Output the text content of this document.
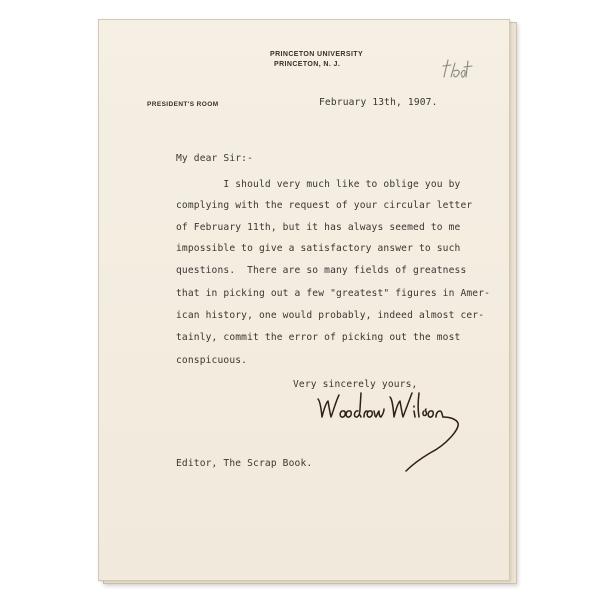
PRINCETON UNIVERSITY
PRINCETON, N. J.
PRESIDENT'S ROOM	February 13th, 1907.
My dear Sir:-
I should very much like to oblige you by
complying with the request of your circular letter
of February 11th, but it has always seemed to me
impossible to give a satisfactory answer to such
questions.  There are so many fields of greatness
that in picking out a few "greatest" figures in Amer-
ican history, one would probably, indeed almost cer-
tainly, commit the error of picking out the most
conspicuous.
Very sincerely yours,
Editor, The Scrap Book.
